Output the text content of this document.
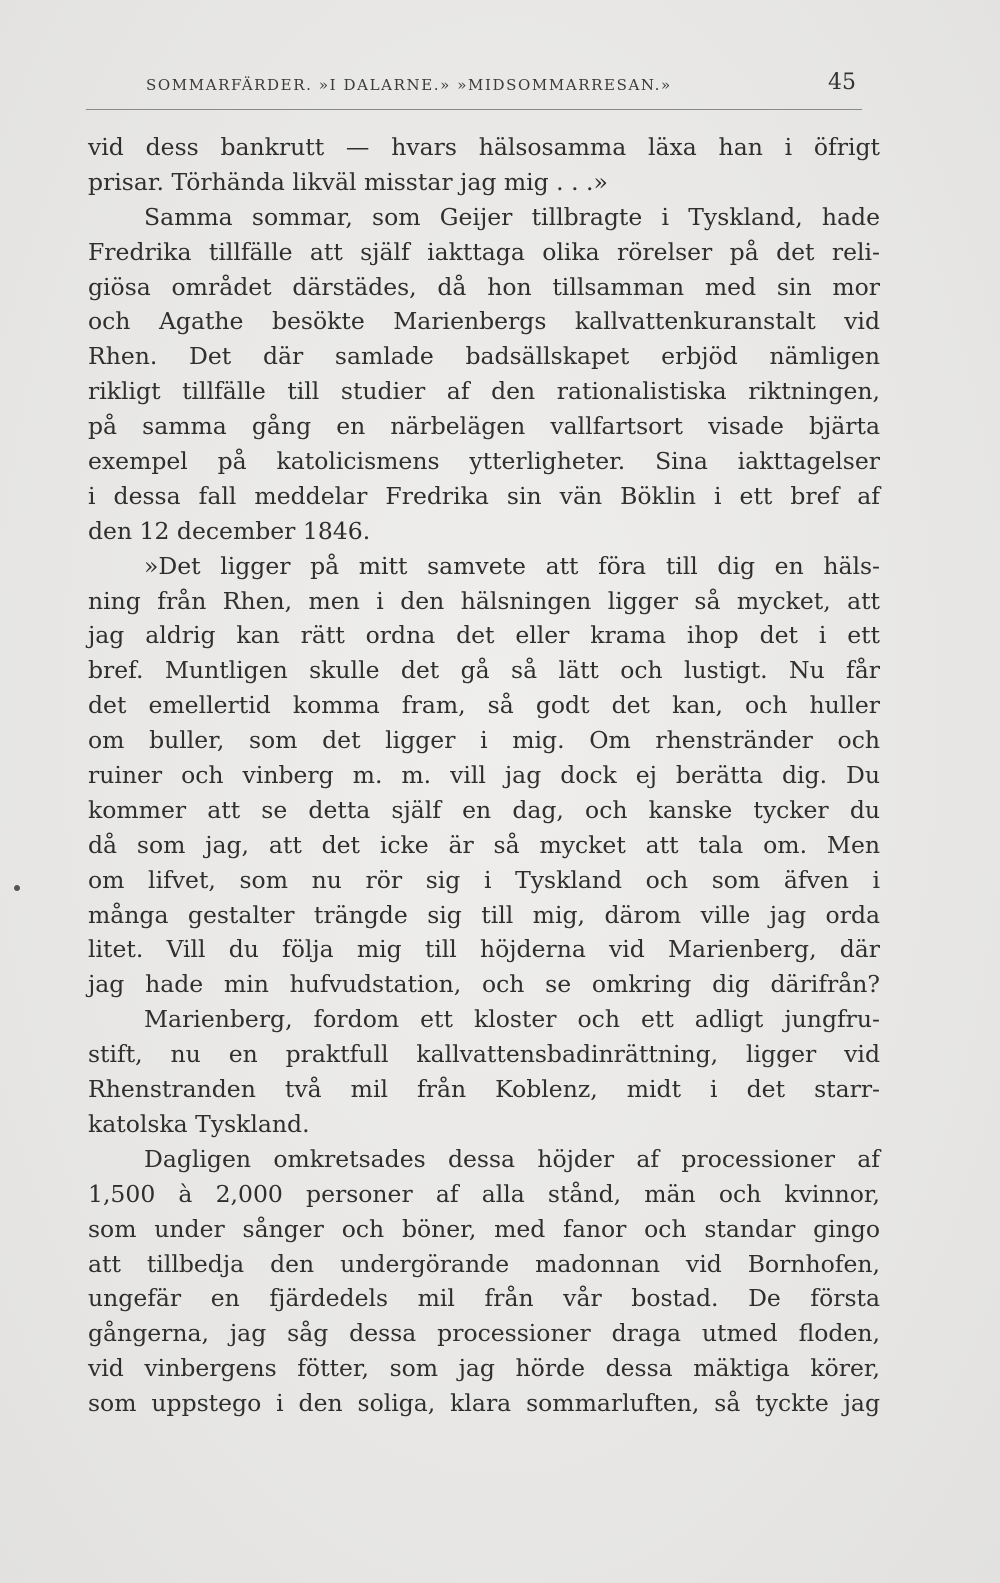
SOMMARFÄRDER. »I DALARNE.» »MIDSOMMARRESAN.»	45
vid dess bankrutt — hvars hälsosamma läxa han i öfrigt
prisar. Törhända likväl misstar jag mig . . .»
Samma sommar, som Geijer tillbragte i Tyskland, hade
Fredrika tillfälle att själf iakttaga olika rörelser på det reli-
giösa området därstädes, då hon tillsamman med sin mor
och Agathe besökte Marienbergs kallvattenkuranstalt vid
Rhen. Det där samlade badsällskapet erbjöd nämligen
rikligt tillfälle till studier af den rationalistiska riktningen,
på samma gång en närbelägen vallfartsort visade bjärta
exempel på katolicismens ytterligheter. Sina iakttagelser
i dessa fall meddelar Fredrika sin vän Böklin i ett bref af
den 12 december 1846.
»Det ligger på mitt samvete att föra till dig en häls-
ning från Rhen, men i den hälsningen ligger så mycket, att
jag aldrig kan rätt ordna det eller krama ihop det i ett
bref. Muntligen skulle det gå så lätt och lustigt. Nu får
det emellertid komma fram, så godt det kan, och huller
om buller, som det ligger i mig. Om rhenstränder och
ruiner och vinberg m. m. vill jag dock ej berätta dig. Du
kommer att se detta själf en dag, och kanske tycker du
då som jag, att det icke är så mycket att tala om. Men
om lifvet, som nu rör sig i Tyskland och som äfven i
många gestalter trängde sig till mig, därom ville jag orda
litet. Vill du följa mig till höjderna vid Marienberg, där
jag hade min hufvudstation, och se omkring dig därifrån?
Marienberg, fordom ett kloster och ett adligt jungfru-
stift, nu en praktfull kallvattensbadinrättning, ligger vid
Rhenstranden två mil från Koblenz, midt i det starr-
katolska Tyskland.
Dagligen omkretsades dessa höjder af processioner af
1,500 à 2,000 personer af alla stånd, män och kvinnor,
som under sånger och böner, med fanor och standar gingo
att tillbedja den undergörande madonnan vid Bornhofen,
ungefär en fjärdedels mil från vår bostad. De första
gångerna, jag såg dessa processioner draga utmed floden,
vid vinbergens fötter, som jag hörde dessa mäktiga körer,
som uppstego i den soliga, klara sommarluften, så tyckte jag
